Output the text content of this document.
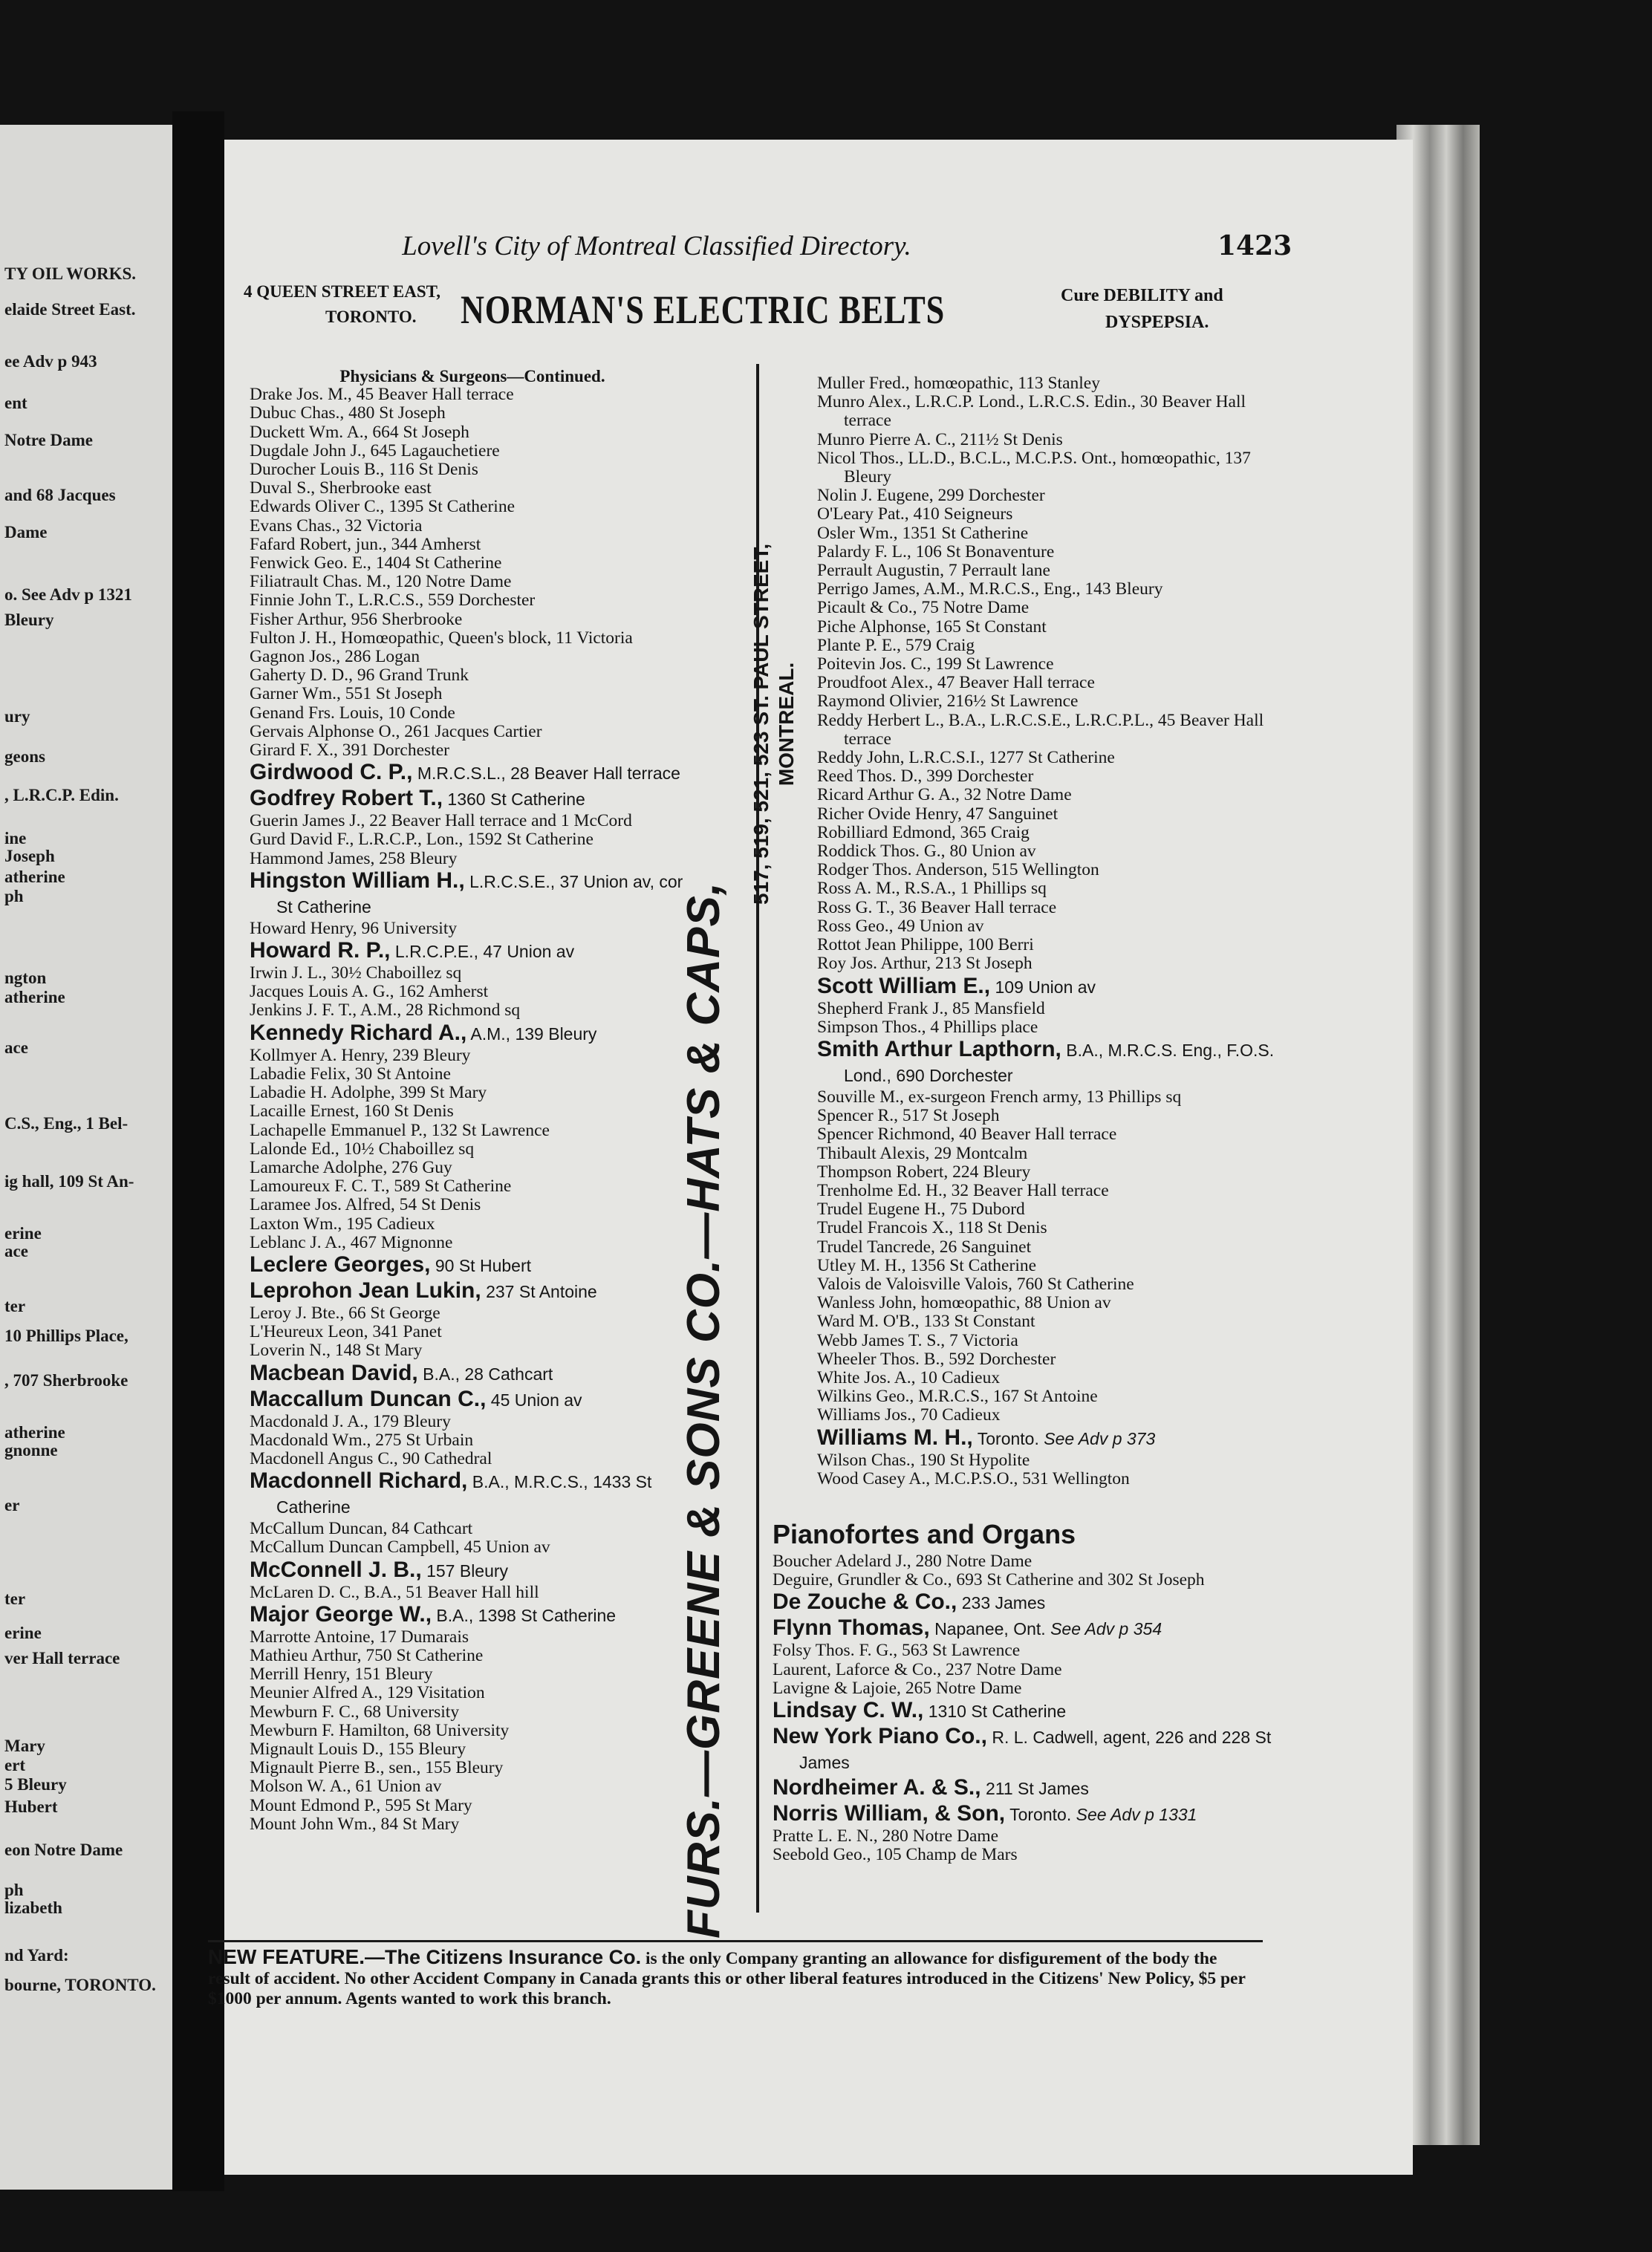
TY OIL WORKS.
elaide Street East.
ee Adv p 943
ent
Notre Dame
and 68 Jacques
Dame
o. See Adv p 1321
Bleury
ury
geons
, L.R.C.P. Edin.
ine
Joseph
atherine
ph
ngton
atherine
ace
C.S., Eng., 1 Bel-
ig hall, 109 St An-
erine
ace
ter
10 Phillips Place,
, 707 Sherbrooke
atherine
gnonne
er
ter
erine
ver Hall terrace
Mary
ert
5 Bleury
Hubert
eon Notre Dame
ph
lizabeth
nd Yard:
bourne, TORONTO.
Lovell's City of Montreal Classified Directory.	1423
4 QUEEN STREET EAST,
TORONTO.	NORMAN'S ELECTRIC BELTS	Cure DEBILITY and
DYSPEPSIA.
FURS.—GREENE & SONS CO.—HATS & CAPS,
517, 519, 521, 523 ST. PAUL STREET, MONTREAL.
Physicians & Surgeons—Continued.
Drake Jos. M., 45 Beaver Hall terrace
Dubuc Chas., 480 St Joseph
Duckett Wm. A., 664 St Joseph
Dugdale John J., 645 Lagauchetiere
Durocher Louis B., 116 St Denis
Duval S., Sherbrooke east
Edwards Oliver C., 1395 St Catherine
Evans Chas., 32 Victoria
Fafard Robert, jun., 344 Amherst
Fenwick Geo. E., 1404 St Catherine
Filiatrault Chas. M., 120 Notre Dame
Finnie John T., L.R.C.S., 559 Dorchester
Fisher Arthur, 956 Sherbrooke
Fulton J. H., Homœopathic, Queen's block, 11 Victoria
Gagnon Jos., 286 Logan
Gaherty D. D., 96 Grand Trunk
Garner Wm., 551 St Joseph
Genand Frs. Louis, 10 Conde
Gervais Alphonse O., 261 Jacques Cartier
Girard F. X., 391 Dorchester
Girdwood C. P., M.R.C.S.L., 28 Beaver Hall terrace
Godfrey Robert T., 1360 St Catherine
Guerin James J., 22 Beaver Hall terrace and 1 McCord
Gurd David F., L.R.C.P., Lon., 1592 St Catherine
Hammond James, 258 Bleury
Hingston William H., L.R.C.S.E., 37 Union av, cor St Catherine
Howard Henry, 96 University
Howard R. P., L.R.C.P.E., 47 Union av
Irwin J. L., 30½ Chaboillez sq
Jacques Louis A. G., 162 Amherst
Jenkins J. F. T., A.M., 28 Richmond sq
Kennedy Richard A., A.M., 139 Bleury
Kollmyer A. Henry, 239 Bleury
Labadie Felix, 30 St Antoine
Labadie H. Adolphe, 399 St Mary
Lacaille Ernest, 160 St Denis
Lachapelle Emmanuel P., 132 St Lawrence
Lalonde Ed., 10½ Chaboillez sq
Lamarche Adolphe, 276 Guy
Lamoureux F. C. T., 589 St Catherine
Laramee Jos. Alfred, 54 St Denis
Laxton Wm., 195 Cadieux
Leblanc J. A., 467 Mignonne
Leclere Georges, 90 St Hubert
Leprohon Jean Lukin, 237 St Antoine
Leroy J. Bte., 66 St George
L'Heureux Leon, 341 Panet
Loverin N., 148 St Mary
Macbean David, B.A., 28 Cathcart
Maccallum Duncan C., 45 Union av
Macdonald J. A., 179 Bleury
Macdonald Wm., 275 St Urbain
Macdonell Angus C., 90 Cathedral
Macdonnell Richard, B.A., M.R.C.S., 1433 St Catherine
McCallum Duncan, 84 Cathcart
McCallum Duncan Campbell, 45 Union av
McConnell J. B., 157 Bleury
McLaren D. C., B.A., 51 Beaver Hall hill
Major George W., B.A., 1398 St Catherine
Marrotte Antoine, 17 Dumarais
Mathieu Arthur, 750 St Catherine
Merrill Henry, 151 Bleury
Meunier Alfred A., 129 Visitation
Mewburn F. C., 68 University
Mewburn F. Hamilton, 68 University
Mignault Louis D., 155 Bleury
Mignault Pierre B., sen., 155 Bleury
Molson W. A., 61 Union av
Mount Edmond P., 595 St Mary
Mount John Wm., 84 St Mary
Muller Fred., homœopathic, 113 Stanley
Munro Alex., L.R.C.P. Lond., L.R.C.S. Edin., 30 Beaver Hall terrace
Munro Pierre A. C., 211½ St Denis
Nicol Thos., LL.D., B.C.L., M.C.P.S. Ont., homœopathic, 137 Bleury
Nolin J. Eugene, 299 Dorchester
O'Leary Pat., 410 Seigneurs
Osler Wm., 1351 St Catherine
Palardy F. L., 106 St Bonaventure
Perrault Augustin, 7 Perrault lane
Perrigo James, A.M., M.R.C.S., Eng., 143 Bleury
Picault & Co., 75 Notre Dame
Piche Alphonse, 165 St Constant
Plante P. E., 579 Craig
Poitevin Jos. C., 199 St Lawrence
Proudfoot Alex., 47 Beaver Hall terrace
Raymond Olivier, 216½ St Lawrence
Reddy Herbert L., B.A., L.R.C.S.E., L.R.C.P.L., 45 Beaver Hall terrace
Reddy John, L.R.C.S.I., 1277 St Catherine
Reed Thos. D., 399 Dorchester
Ricard Arthur G. A., 32 Notre Dame
Richer Ovide Henry, 47 Sanguinet
Robilliard Edmond, 365 Craig
Roddick Thos. G., 80 Union av
Rodger Thos. Anderson, 515 Wellington
Ross A. M., R.S.A., 1 Phillips sq
Ross G. T., 36 Beaver Hall terrace
Ross Geo., 49 Union av
Rottot Jean Philippe, 100 Berri
Roy Jos. Arthur, 213 St Joseph
Scott William E., 109 Union av
Shepherd Frank J., 85 Mansfield
Simpson Thos., 4 Phillips place
Smith Arthur Lapthorn, B.A., M.R.C.S. Eng., F.O.S. Lond., 690 Dorchester
Souville M., ex-surgeon French army, 13 Phillips sq
Spencer R., 517 St Joseph
Spencer Richmond, 40 Beaver Hall terrace
Thibault Alexis, 29 Montcalm
Thompson Robert, 224 Bleury
Trenholme Ed. H., 32 Beaver Hall terrace
Trudel Eugene H., 75 Dubord
Trudel Francois X., 118 St Denis
Trudel Tancrede, 26 Sanguinet
Utley M. H., 1356 St Catherine
Valois de Valoisville Valois, 760 St Catherine
Wanless John, homœopathic, 88 Union av
Ward M. O'B., 133 St Constant
Webb James T. S., 7 Victoria
Wheeler Thos. B., 592 Dorchester
White Jos. A., 10 Cadieux
Wilkins Geo., M.R.C.S., 167 St Antoine
Williams Jos., 70 Cadieux
Williams M. H., Toronto. See Adv p 373
Wilson Chas., 190 St Hypolite
Wood Casey A., M.C.P.S.O., 531 Wellington
Pianofortes and Organs
Boucher Adelard J., 280 Notre Dame
Deguire, Grundler & Co., 693 St Catherine and 302 St Joseph
De Zouche & Co., 233 James
Flynn Thomas, Napanee, Ont. See Adv p 354
Folsy Thos. F. G., 563 St Lawrence
Laurent, Laforce & Co., 237 Notre Dame
Lavigne & Lajoie, 265 Notre Dame
Lindsay C. W., 1310 St Catherine
New York Piano Co., R. L. Cadwell, agent, 226 and 228 St James
Nordheimer A. & S., 211 St James
Norris William, & Son, Toronto. See Adv p 1331
Pratte L. E. N., 280 Notre Dame
Seebold Geo., 105 Champ de Mars
NEW FEATURE.—The Citizens Insurance Co. is the only Company granting an allowance for disfigurement of the body the result of accident. No other Accident Company in Canada grants this or other liberal features introduced in the Citizens' New Policy, $5 per $1000 per annum. Agents wanted to work this branch.
